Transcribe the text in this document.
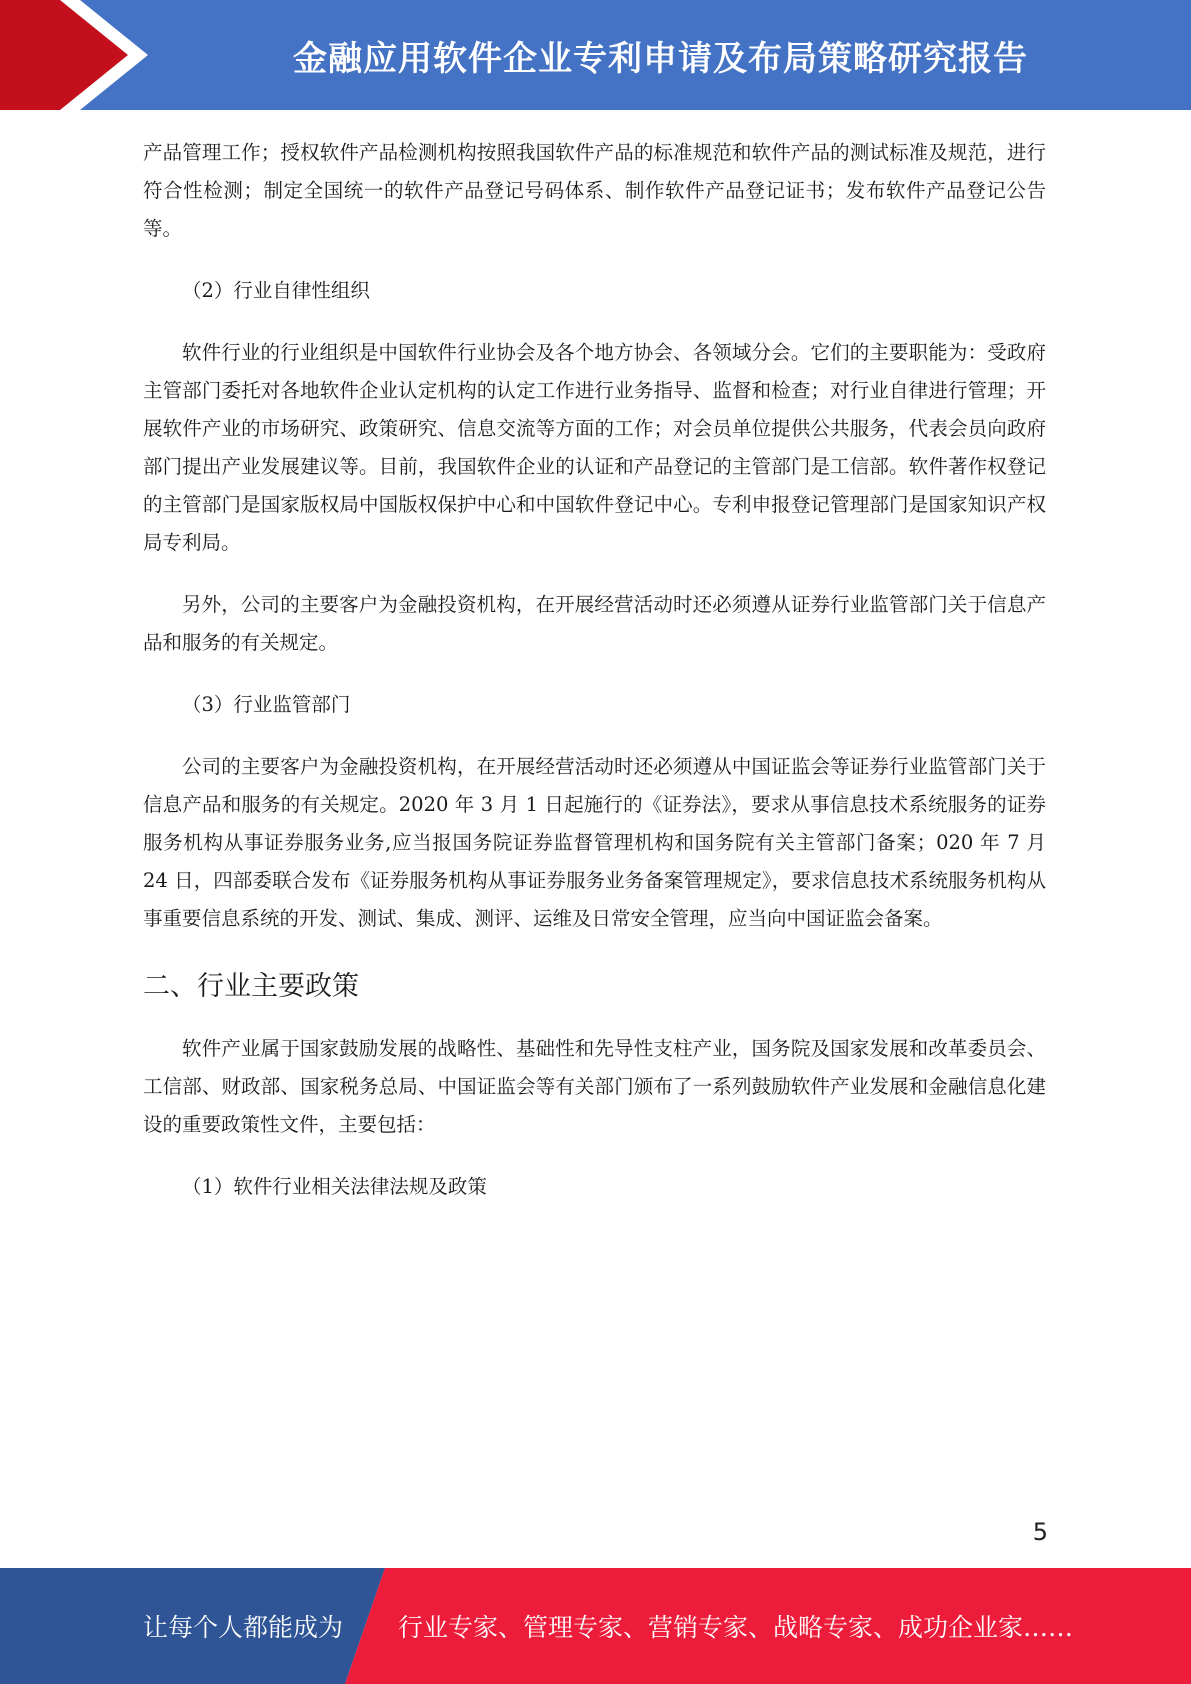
金融应用软件企业专利申请及布局策略研究报告

产品管理工作；授权软件产品检测机构按照我国软件产品的标准规范和软件产品的测试标准及规范，进行符合性检测；制定全国统一的软件产品登记号码体系、制作软件产品登记证书；发布软件产品登记公告等。

（2）行业自律性组织

软件行业的行业组织是中国软件行业协会及各个地方协会、各领域分会。它们的主要职能为：受政府主管部门委托对各地软件企业认定机构的认定工作进行业务指导、监督和检查；对行业自律进行管理；开展软件产业的市场研究、政策研究、信息交流等方面的工作；对会员单位提供公共服务，代表会员向政府部门提出产业发展建议等。目前，我国软件企业的认证和产品登记的主管部门是工信部。软件著作权登记的主管部门是国家版权局中国版权保护中心和中国软件登记中心。专利申报登记管理部门是国家知识产权局专利局。

另外，公司的主要客户为金融投资机构，在开展经营活动时还必须遵从证券行业监管部门关于信息产品和服务的有关规定。

（3）行业监管部门

公司的主要客户为金融投资机构，在开展经营活动时还必须遵从中国证监会等证券行业监管部门关于信息产品和服务的有关规定。2020 年 3 月 1 日起施行的《证券法》，要求从事信息技术系统服务的证券服务机构从事证券服务业务,应当报国务院证券监督管理机构和国务院有关主管部门备案；020 年 7 月 24 日，四部委联合发布《证券服务机构从事证券服务业务备案管理规定》，要求信息技术系统服务机构从事重要信息系统的开发、测试、集成、测评、运维及日常安全管理，应当向中国证监会备案。

二、行业主要政策

软件产业属于国家鼓励发展的战略性、基础性和先导性支柱产业，国务院及国家发展和改革委员会、工信部、财政部、国家税务总局、中国证监会等有关部门颁布了一系列鼓励软件产业发展和金融信息化建设的重要政策性文件，主要包括：

（1）软件行业相关法律法规及政策

5
让每个人都能成为 行业专家、管理专家、营销专家、战略专家、成功企业家……
